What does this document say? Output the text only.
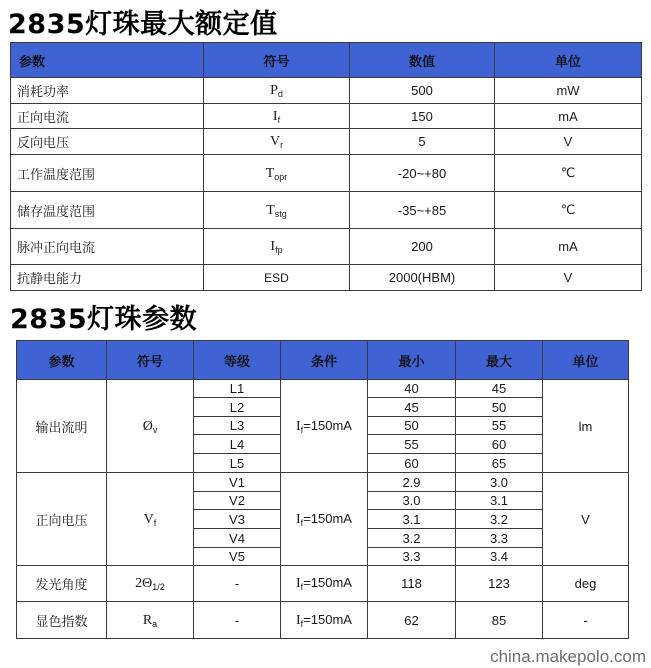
2835灯珠最大额定值
参数	符号	数值	单位
消耗功率	$P_d$	500	mW
正向电流	$I_f$	150	mA
反向电压	$V_r$	5	V
工作温度范围	$T_{opr}$	-20~+80	℃
储存温度范围	$T_{stg}$	-35~+85	℃
脉冲正向电流	$I_{fp}$	200	mA
抗静电能力	ESD	2000(HBM)	V
2835灯珠参数
参数	符号	等级	条件	最小	最大	单位
输出流明	$Ø_v$	L1	$I_f=150mA$	40	45	lm
		L2		45	50	
		L3		50	55	
		L4		55	60	
		L5		60	65	
正向电压	$V_f$	V1	$I_f=150mA$	2.9	3.0	V
		V2		3.0	3.1	
		V3		3.1	3.2	
		V4		3.2	3.3	
		V5		3.3	3.4	
发光角度	$2\Theta_{1/2}$	-	$I_f=150mA$	118	123	deg
显色指数	$R_a$	-	$I_f=150mA$	62	85	-
china.makepolo.com
